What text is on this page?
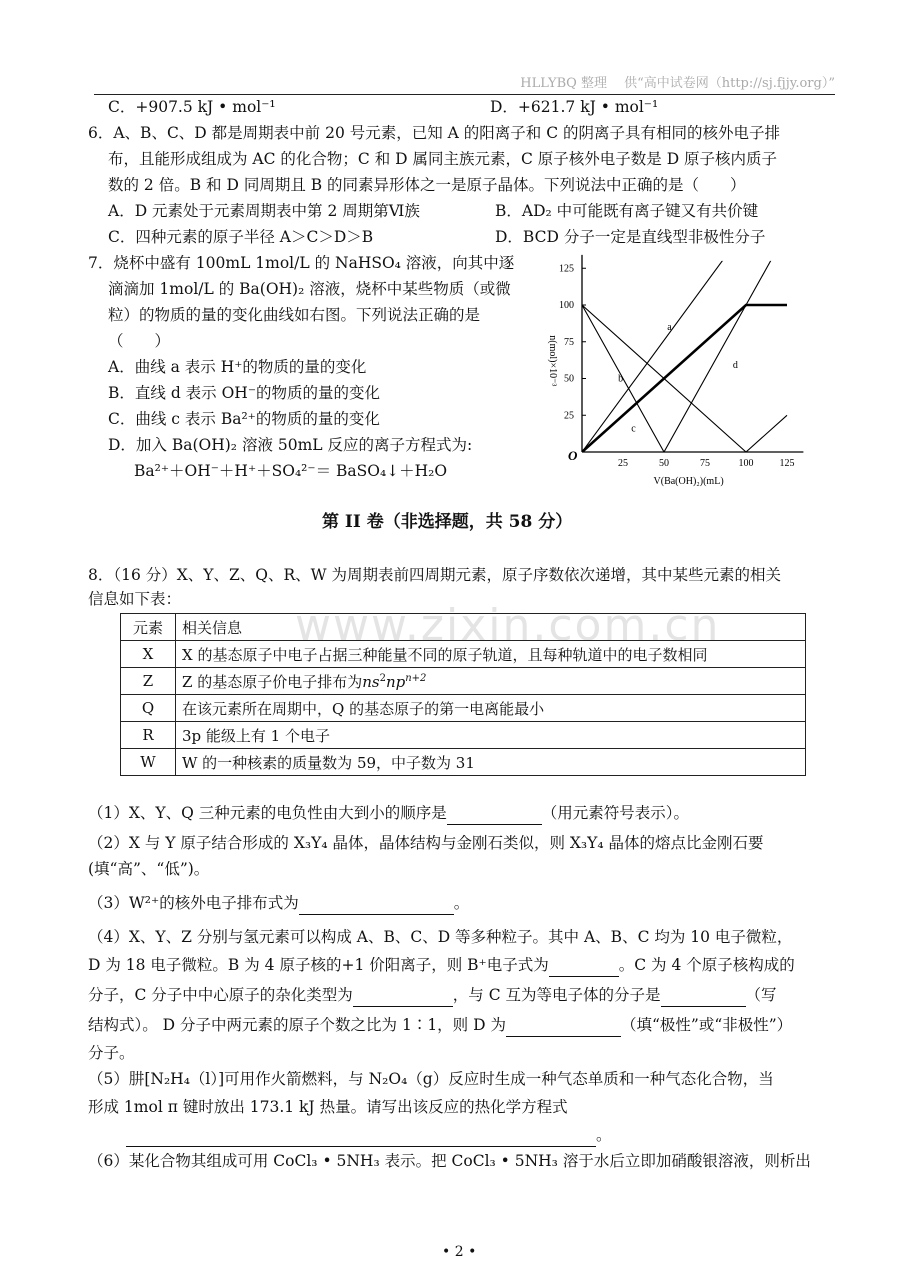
HLLYBQ 整理　 供“高中试卷网（http://sj.fjjy.org）”
www.zixin.com.cn

C．+907.5 kJ • mol⁻¹	D．+621.7 kJ • mol⁻¹

6．A、B、C、D 都是周期表中前 20 号元素，已知 A 的阳离子和 C 的阴离子具有相同的核外电子排

布，且能形成组成为 AC 的化合物；C 和 D 属同主族元素，C 原子核外电子数是 D 原子核内质子

数的 2 倍。B 和 D 同周期且 B 的同素异形体之一是原子晶体。下列说法中正确的是（　　）

A．D 元素处于元素周期表中第 2 周期第Ⅵ族	B．AD₂ 中可能既有离子键又有共价键

C．四种元素的原子半径 A＞C＞D＞B	D．BCD 分子一定是直线型非极性分子

7．烧杯中盛有 100mL 1mol/L 的 NaHSO₄ 溶液，向其中逐

滴滴加 1mol/L 的 Ba(OH)₂ 溶液，烧杯中某些物质（或微

粒）的物质的量的变化曲线如右图。下列说法正确的是

（　　）

A．曲线 a 表示 H⁺的物质的量的变化

B．直线 d 表示 OH⁻的物质的量的变化

C．曲线 c 表示 Ba²⁺的物质的量的变化

D．加入 Ba(OH)₂ 溶液 50mL 反应的离子方程式为:

Ba²⁺＋OH⁻＋H⁺＋SO₄²⁻＝ BaSO₄↓＋H₂O	25	50	75	100	125
25
50
75
100
125
O
V(Ba(OH)₂)(mL)
n(mol)×10⁻³
a
b
c
d

第 II 卷（非选择题，共 58 分）

8．（16 分）X、Y、Z、Q、R、W 为周期表前四周期元素，原子序数依次递增，其中某些元素的相关

信息如下表：

元素	相关信息
X	X 的基态原子中电子占据三种能量不同的原子轨道，且每种轨道中的电子数相同
Z	Z 的基态原子价电子排布为$ns^2np^{n+2}$
Q	在该元素所在周期中，Q 的基态原子的第一电离能最小
R	3p 能级上有 1 个电子
W	W 的一种核素的质量数为 59，中子数为 31

（1）X、Y、Q 三种元素的电负性由大到小的顺序是	（用元素符号表示）。

（2）X 与 Y 原子结合形成的 X₃Y₄ 晶体，晶体结构与金刚石类似，则 X₃Y₄ 晶体的熔点比金刚石要

(填“高”、“低”)。

（3）W²⁺的核外电子排布式为	。

（4）X、Y、Z 分别与氢元素可以构成 A、B、C、D 等多种粒子。其中 A、B、C 均为 10 电子微粒，

D 为 18 电子微粒。B 为 4 原子核的+1 价阳离子，则 B⁺电子式为	。C 为 4 个原子核构成的

分子，C 分子中中心原子的杂化类型为	，与 C 互为等电子体的分子是	（写

结构式）。 D 分子中两元素的原子个数之比为 1∶1，则 D 为	（填“极性”或“非极性”）

分子。

（5）肼[N₂H₄（l）]可用作火箭燃料，与 N₂O₄（g）反应时生成一种气态单质和一种气态化合物，当

形成 1mol π 键时放出 173.1 kJ 热量。请写出该反应的热化学方程式

。

（6）某化合物其组成可用 CoCl₃ • 5NH₃ 表示。把 CoCl₃ • 5NH₃ 溶于水后立即加硝酸银溶液，则析出

• 2 •
